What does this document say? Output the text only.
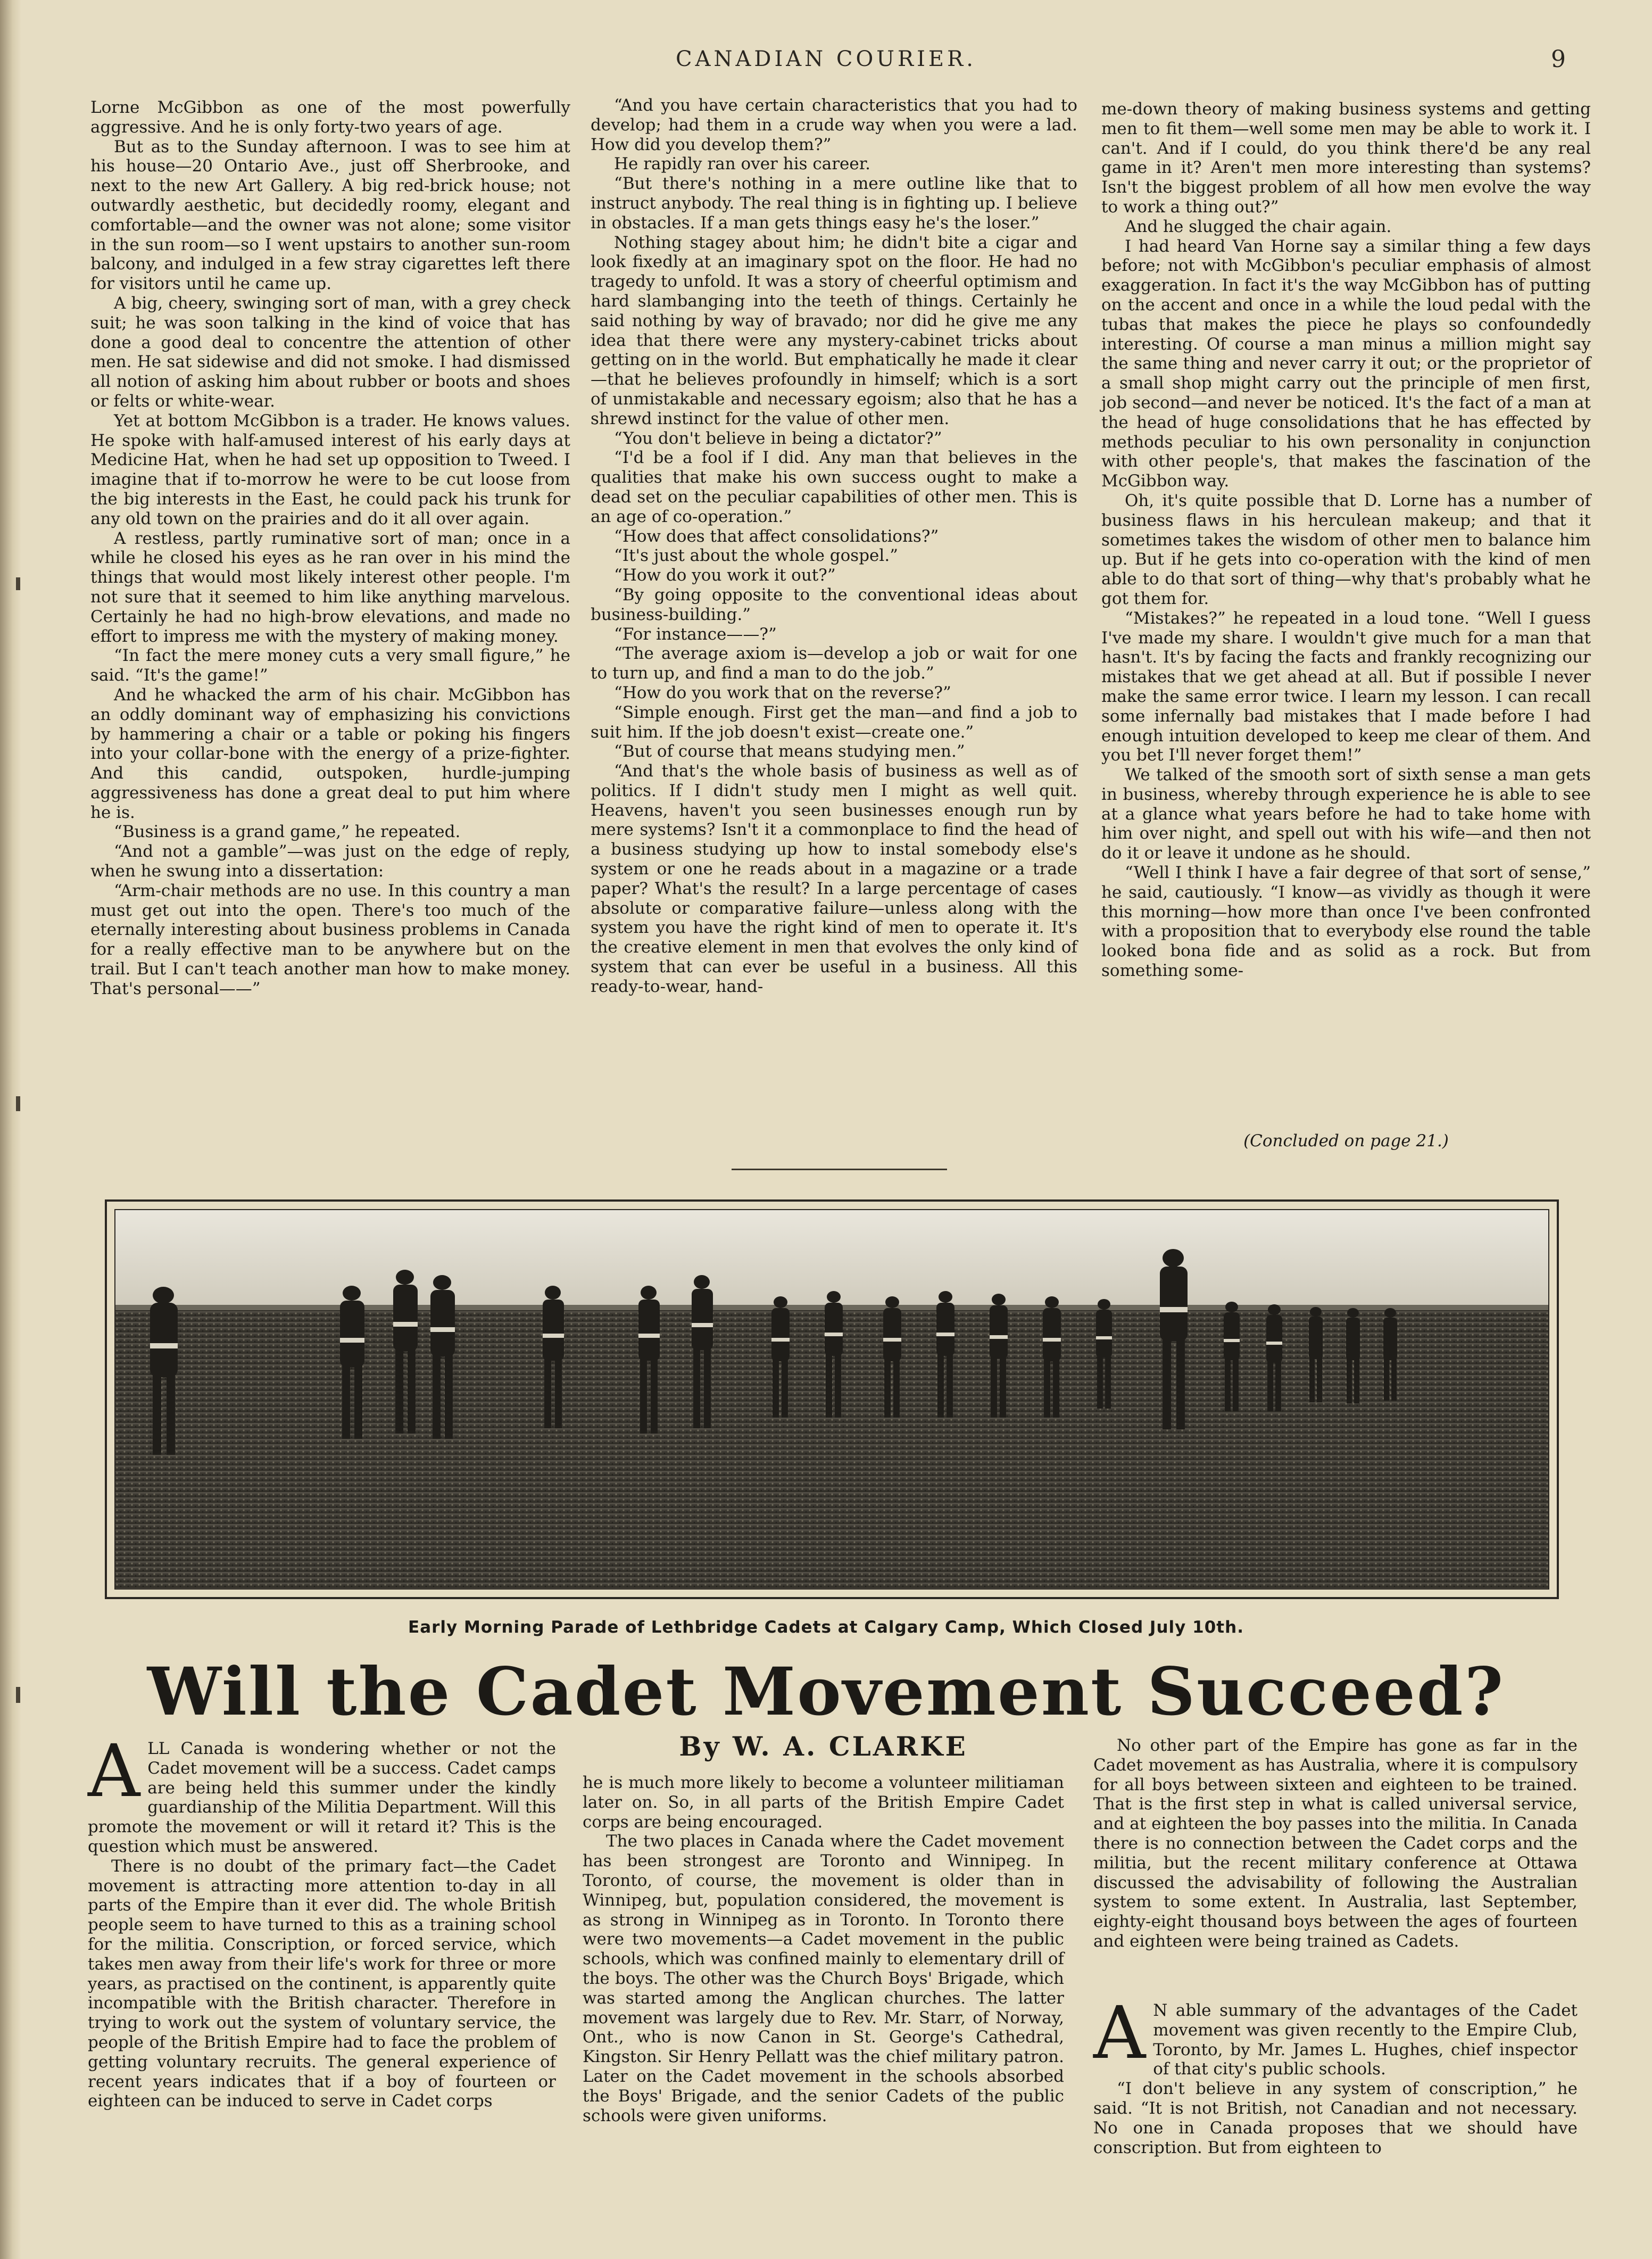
CANADIAN COURIER.	9

Lorne McGibbon as one of the most powerfully aggressive. And he is only forty-two years of age.

But as to the Sunday afternoon. I was to see him at his house—20 Ontario Ave., just off Sherbrooke, and next to the new Art Gallery. A big red-brick house; not outwardly aesthetic, but decidedly roomy, elegant and comfortable—and the owner was not alone; some visitor in the sun room—so I went upstairs to another sun-room balcony, and indulged in a few stray cigarettes left there for visitors until he came up.

A big, cheery, swinging sort of man, with a grey check suit; he was soon talking in the kind of voice that has done a good deal to concentre the attention of other men. He sat sidewise and did not smoke. I had dismissed all notion of asking him about rubber or boots and shoes or felts or white-wear.

Yet at bottom McGibbon is a trader. He knows values. He spoke with half-amused interest of his early days at Medicine Hat, when he had set up opposition to Tweed. I imagine that if to-morrow he were to be cut loose from the big interests in the East, he could pack his trunk for any old town on the prairies and do it all over again.

A restless, partly ruminative sort of man; once in a while he closed his eyes as he ran over in his mind the things that would most likely interest other people. I'm not sure that it seemed to him like anything marvelous. Certainly he had no high-brow elevations, and made no effort to impress me with the mystery of making money.

“In fact the mere money cuts a very small figure,” he said. “It's the game!”

And he whacked the arm of his chair. McGibbon has an oddly dominant way of emphasizing his convictions by hammering a chair or a table or poking his fingers into your collar-bone with the energy of a prize-fighter. And this candid, outspoken, hurdle-jumping aggressiveness has done a great deal to put him where he is.

“Business is a grand game,” he repeated.

“And not a gamble”—was just on the edge of reply, when he swung into a dissertation:

“Arm-chair methods are no use. In this country a man must get out into the open. There's too much of the eternally interesting about business problems in Canada for a really effective man to be anywhere but on the trail. But I can't teach another man how to make money. That's personal——”

“And you have certain characteristics that you had to develop; had them in a crude way when you were a lad. How did you develop them?”

He rapidly ran over his career.

“But there's nothing in a mere outline like that to instruct anybody. The real thing is in fighting up. I believe in obstacles. If a man gets things easy he's the loser.”

Nothing stagey about him; he didn't bite a cigar and look fixedly at an imaginary spot on the floor. He had no tragedy to unfold. It was a story of cheerful optimism and hard slambanging into the teeth of things. Certainly he said nothing by way of bravado; nor did he give me any idea that there were any mystery-cabinet tricks about getting on in the world. But emphatically he made it clear—that he believes profoundly in himself; which is a sort of unmistakable and necessary egoism; also that he has a shrewd instinct for the value of other men.

“You don't believe in being a dictator?”

“I'd be a fool if I did. Any man that believes in the qualities that make his own success ought to make a dead set on the peculiar capabilities of other men. This is an age of co-operation.”

“How does that affect consolidations?”

“It's just about the whole gospel.”

“How do you work it out?”

“By going opposite to the conventional ideas about business-building.”

“For instance——?”

“The average axiom is—develop a job or wait for one to turn up, and find a man to do the job.”

“How do you work that on the reverse?”

“Simple enough. First get the man—and find a job to suit him. If the job doesn't exist—create one.”

“But of course that means studying men.”

“And that's the whole basis of business as well as of politics. If I didn't study men I might as well quit. Heavens, haven't you seen businesses enough run by mere systems? Isn't it a commonplace to find the head of a business studying up how to instal somebody else's system or one he reads about in a magazine or a trade paper? What's the result? In a large percentage of cases absolute or comparative failure—unless along with the system you have the right kind of men to operate it. It's the creative element in men that evolves the only kind of system that can ever be useful in a business. All this ready-to-wear, hand-

me-down theory of making business systems and getting men to fit them—well some men may be able to work it. I can't. And if I could, do you think there'd be any real game in it? Aren't men more interesting than systems? Isn't the biggest problem of all how men evolve the way to work a thing out?”

And he slugged the chair again.

I had heard Van Horne say a similar thing a few days before; not with McGibbon's peculiar emphasis of almost exaggeration. In fact it's the way McGibbon has of putting on the accent and once in a while the loud pedal with the tubas that makes the piece he plays so confoundedly interesting. Of course a man minus a million might say the same thing and never carry it out; or the proprietor of a small shop might carry out the principle of men first, job second—and never be noticed. It's the fact of a man at the head of huge consolidations that he has effected by methods peculiar to his own personality in conjunction with other people's, that makes the fascination of the McGibbon way.

Oh, it's quite possible that D. Lorne has a number of business flaws in his herculean makeup; and that it sometimes takes the wisdom of other men to balance him up. But if he gets into co-operation with the kind of men able to do that sort of thing—why that's probably what he got them for.

“Mistakes?” he repeated in a loud tone. “Well I guess I've made my share. I wouldn't give much for a man that hasn't. It's by facing the facts and frankly recognizing our mistakes that we get ahead at all. But if possible I never make the same error twice. I learn my lesson. I can recall some infernally bad mistakes that I made before I had enough intuition developed to keep me clear of them. And you bet I'll never forget them!”

We talked of the smooth sort of sixth sense a man gets in business, whereby through experience he is able to see at a glance what years before he had to take home with him over night, and spell out with his wife—and then not do it or leave it undone as he should.

“Well I think I have a fair degree of that sort of sense,” he said, cautiously. “I know—as vividly as though it were this morning—how more than once I've been confronted with a proposition that to everybody else round the table looked bona fide and as solid as a rock. But from something some-

(Concluded on page 21.)

Early Morning Parade of Lethbridge Cadets at Calgary Camp, Which Closed July 10th.
Will the Cadet Movement Succeed?
By W. A. CLARKE
A LL Canada is wondering whether or not the Cadet movement will be a success. Cadet camps are being held this summer under the kindly guardianship of the Militia Department. Will this promote the movement or will it retard it? This is the question which must be answered.

There is no doubt of the primary fact—the Cadet movement is attracting more attention to-day in all parts of the Empire than it ever did. The whole British people seem to have turned to this as a training school for the militia. Conscription, or forced service, which takes men away from their life's work for three or more years, as practised on the continent, is apparently quite incompatible with the British character. Therefore in trying to work out the system of voluntary service, the people of the British Empire had to face the problem of getting voluntary recruits. The general experience of recent years indicates that if a boy of fourteen or eighteen can be induced to serve in Cadet corps

he is much more likely to become a volunteer militiaman later on. So, in all parts of the British Empire Cadet corps are being encouraged.

The two places in Canada where the Cadet movement has been strongest are Toronto and Winnipeg. In Toronto, of course, the movement is older than in Winnipeg, but, population considered, the movement is as strong in Winnipeg as in Toronto. In Toronto there were two movements—a Cadet movement in the public schools, which was confined mainly to elementary drill of the boys. The other was the Church Boys' Brigade, which was started among the Anglican churches. The latter movement was largely due to Rev. Mr. Starr, of Norway, Ont., who is now Canon in St. George's Cathedral, Kingston. Sir Henry Pellatt was the chief military patron. Later on the Cadet movement in the schools absorbed the Boys' Brigade, and the senior Cadets of the public schools were given uniforms.

No other part of the Empire has gone as far in the Cadet movement as has Australia, where it is compulsory for all boys between sixteen and eighteen to be trained. That is the first step in what is called universal service, and at eighteen the boy passes into the militia. In Canada there is no connection between the Cadet corps and the militia, but the recent military conference at Ottawa discussed the advisability of following the Australian system to some extent. In Australia, last September, eighty-eight thousand boys between the ages of fourteen and eighteen were being trained as Cadets.

A N able summary of the advantages of the Cadet movement was given recently to the Empire Club, Toronto, by Mr. James L. Hughes, chief inspector of that city's public schools.

“I don't believe in any system of conscription,” he said. “It is not British, not Canadian and not necessary. No one in Canada proposes that we should have conscription. But from eighteen to
